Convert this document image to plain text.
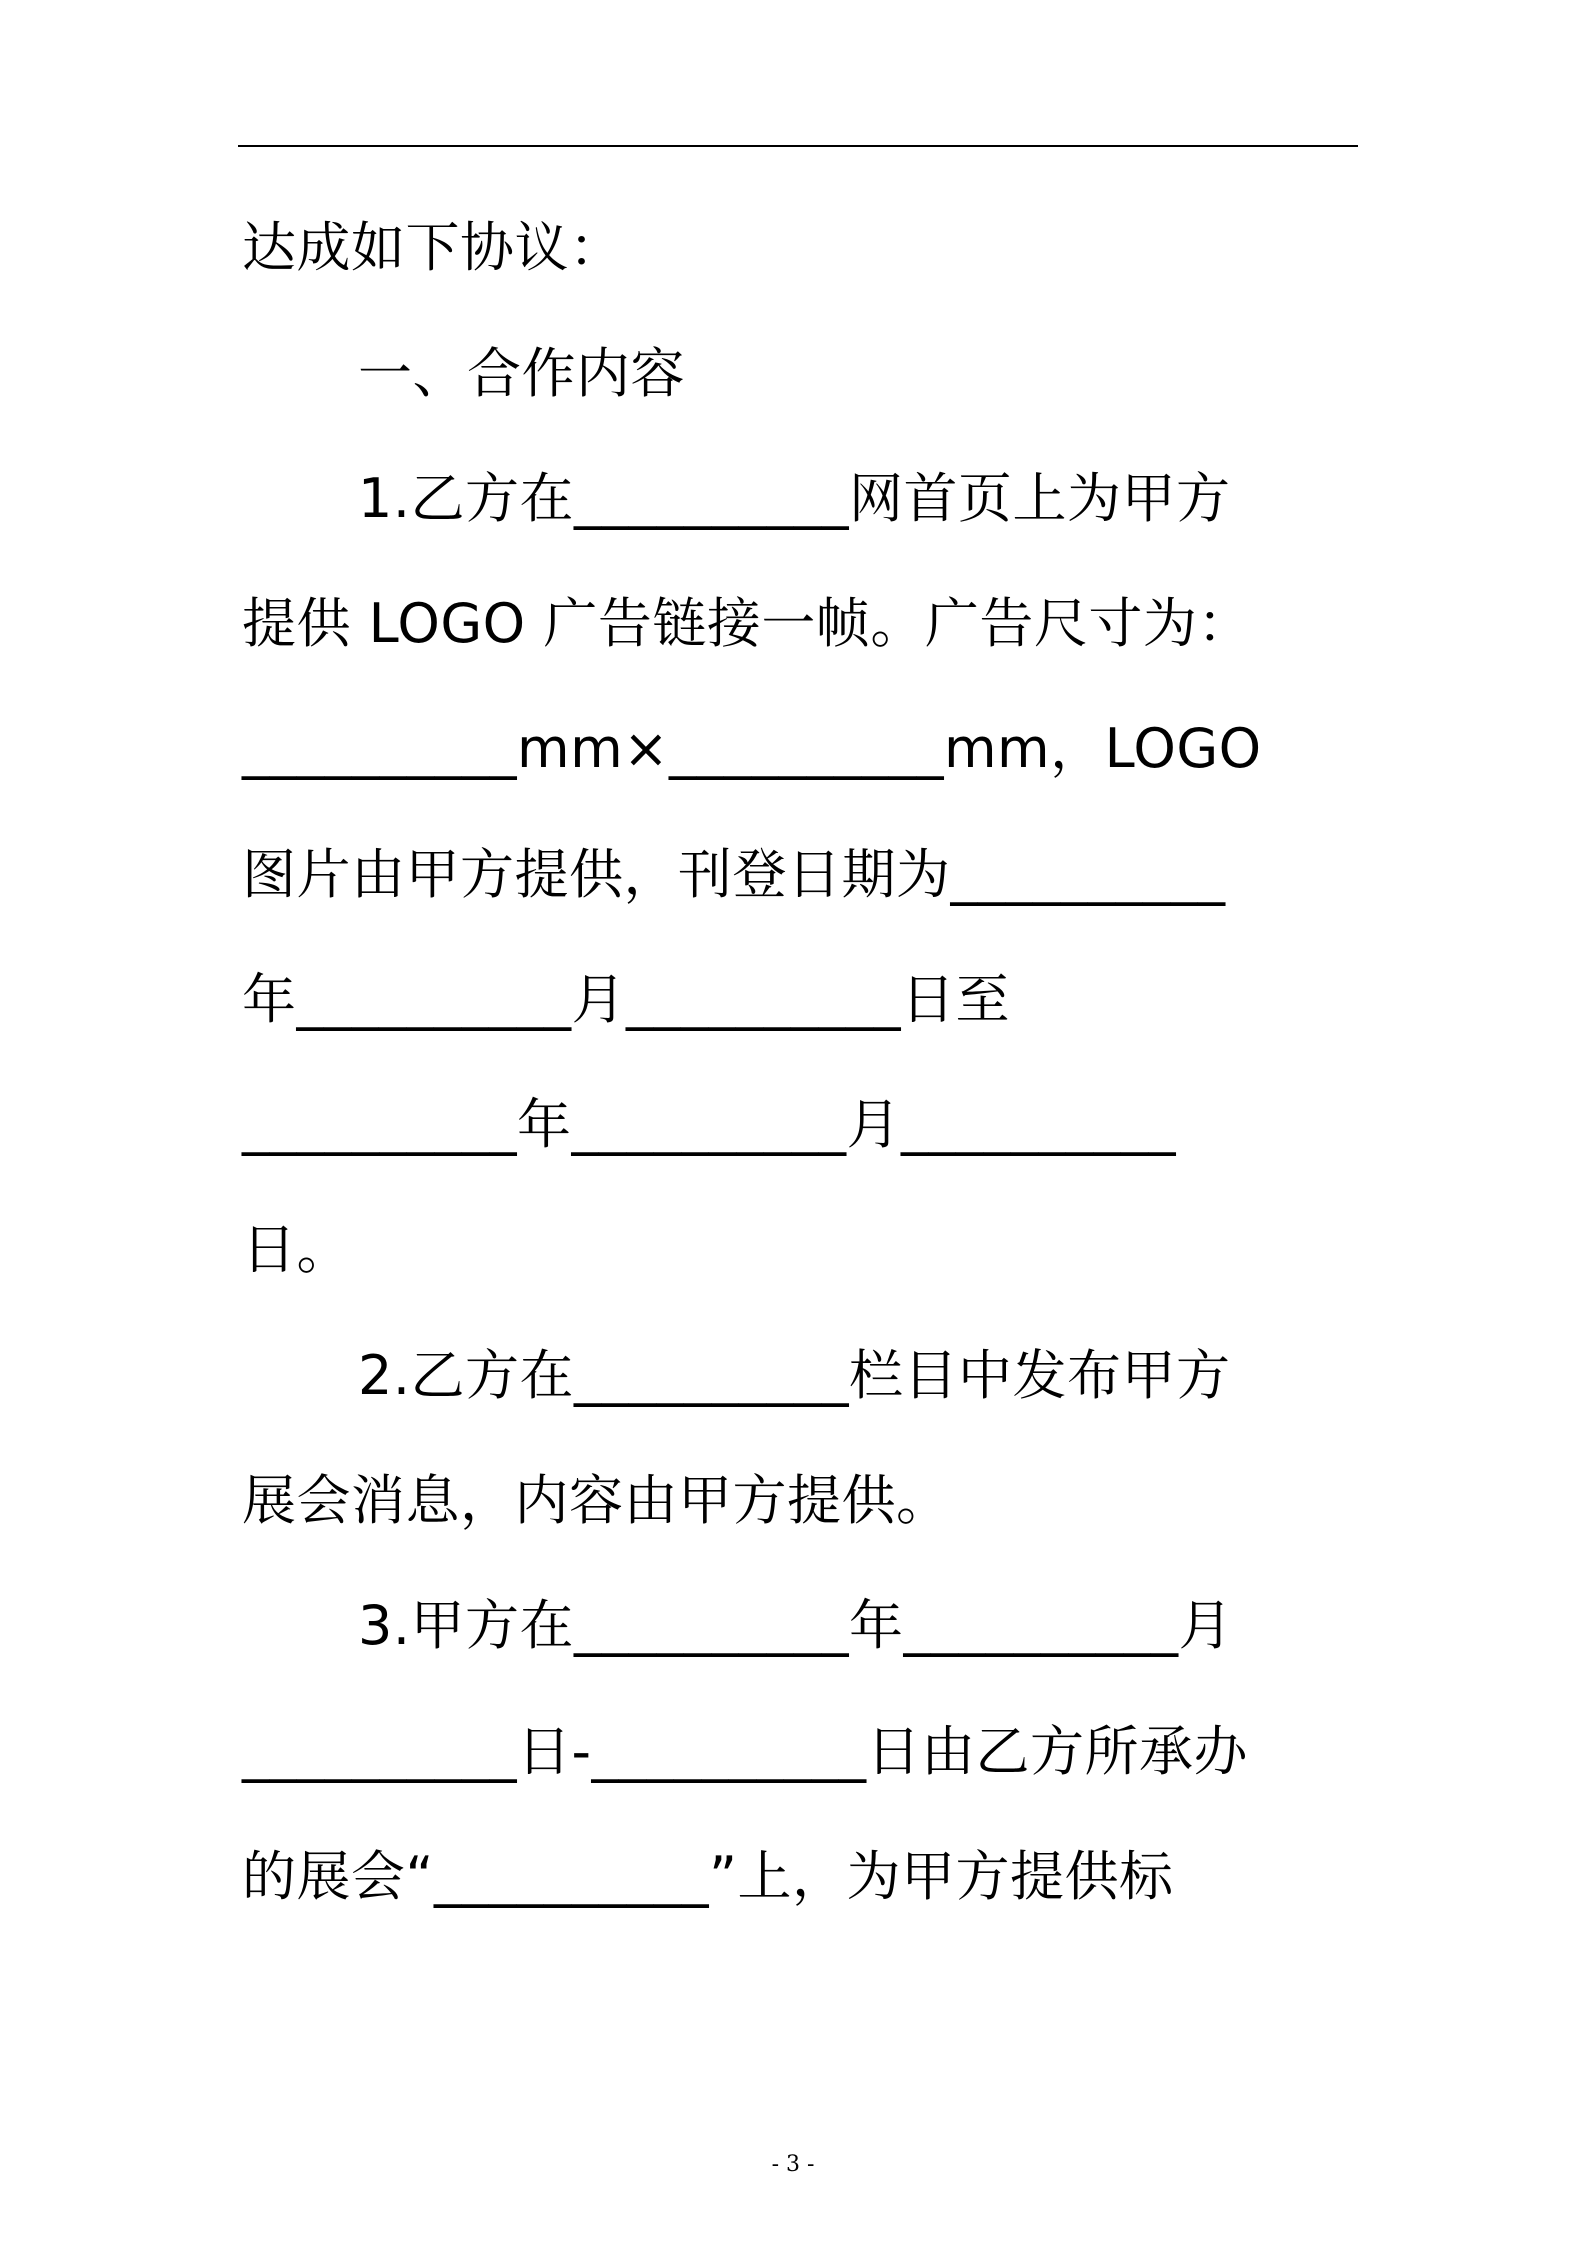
达成如下协议：
一、合作内容
1.乙方在__________网首页上为甲方
提供 LOGO 广告链接一帧。广告尺寸为：
__________mm×__________mm，LOGO
图片由甲方提供，刊登日期为__________
年__________月__________日至
__________年__________月__________
日。
2.乙方在__________栏目中发布甲方
展会消息，内容由甲方提供。
3.甲方在__________年__________月
__________日-__________日由乙方所承办
的展会“__________”上，为甲方提供标
- 3 -
